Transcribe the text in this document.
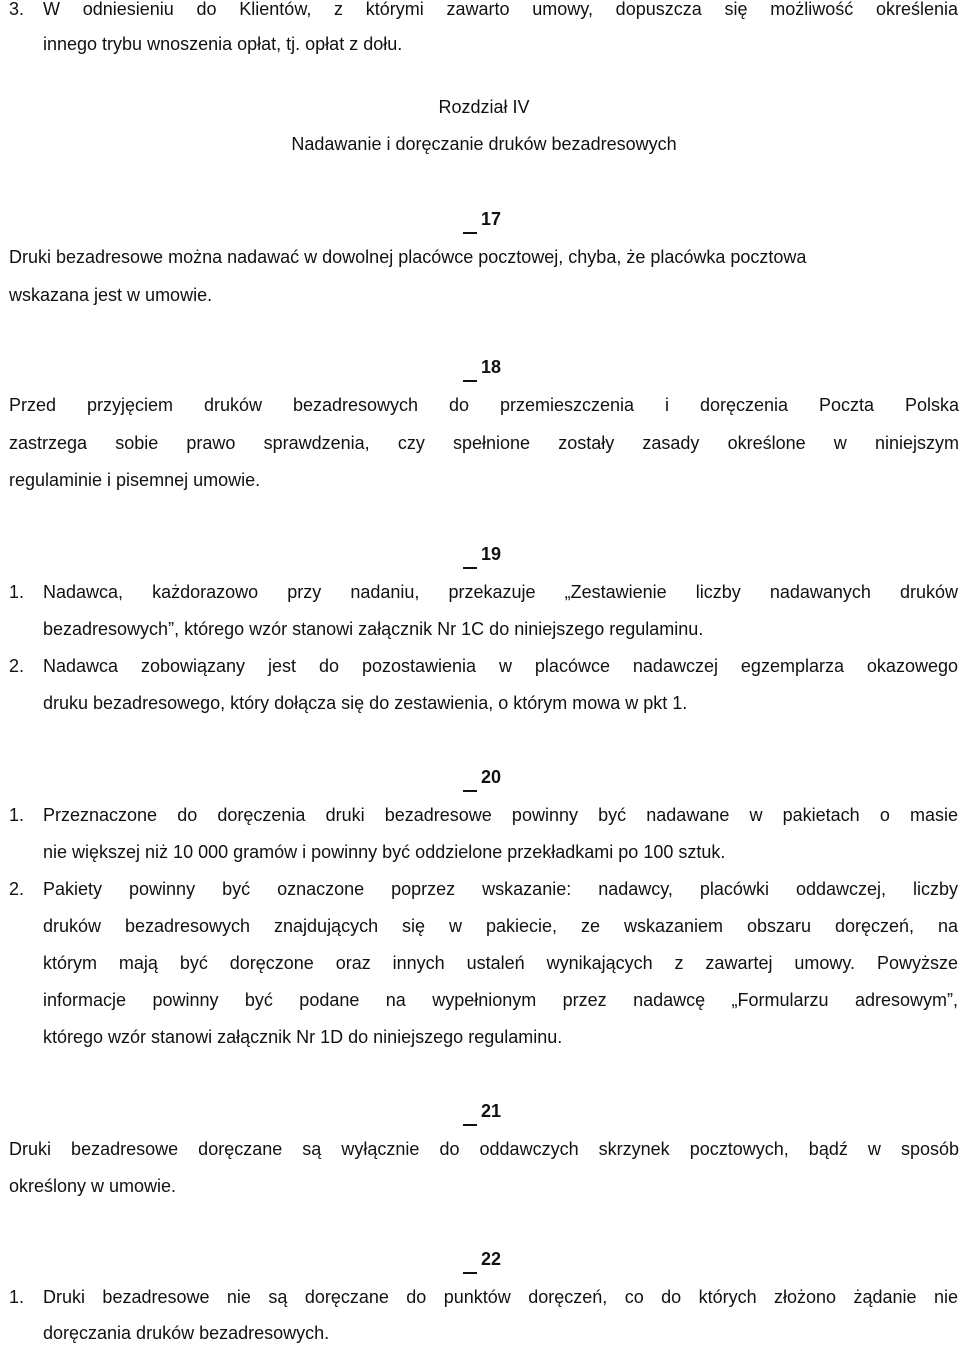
3. W odniesieniu do Klientów, z którymi zawarto umowy, dopuszcza się możliwość określenia
innego trybu wnoszenia opłat, tj. opłat z dołu.
Rozdział IV
Nadawanie i doręczanie druków bezadresowych
17
Druki bezadresowe można nadawać w dowolnej placówce pocztowej, chyba, że placówka pocztowa
wskazana jest w umowie.
18
Przed przyjęciem druków bezadresowych do przemieszczenia i doręczenia Poczta Polska
zastrzega sobie prawo sprawdzenia, czy spełnione zostały zasady określone w niniejszym
regulaminie i pisemnej umowie.
19
1. Nadawca, każdorazowo przy nadaniu, przekazuje „Zestawienie liczby nadawanych druków
bezadresowych”, którego wzór stanowi załącznik Nr 1C do niniejszego regulaminu.
2. Nadawca zobowiązany jest do pozostawienia w placówce nadawczej egzemplarza okazowego
druku bezadresowego, który dołącza się do zestawienia, o którym mowa w pkt 1.
20
1. Przeznaczone do doręczenia druki bezadresowe powinny być nadawane w pakietach o masie
nie większej niż 10 000 gramów i powinny być oddzielone przekładkami po 100 sztuk.
2. Pakiety powinny być oznaczone poprzez wskazanie: nadawcy, placówki oddawczej, liczby
druków bezadresowych znajdujących się w pakiecie, ze wskazaniem obszaru doręczeń, na
którym mają być doręczone oraz innych ustaleń wynikających z zawartej umowy. Powyższe
informacje powinny być podane na wypełnionym przez nadawcę „Formularzu adresowym”,
którego wzór stanowi załącznik Nr 1D do niniejszego regulaminu.
21
Druki bezadresowe doręczane są wyłącznie do oddawczych skrzynek pocztowych, bądź w sposób
określony w umowie.
22
1. Druki bezadresowe nie są doręczane do punktów doręczeń, co do których złożono żądanie nie
doręczania druków bezadresowych.
